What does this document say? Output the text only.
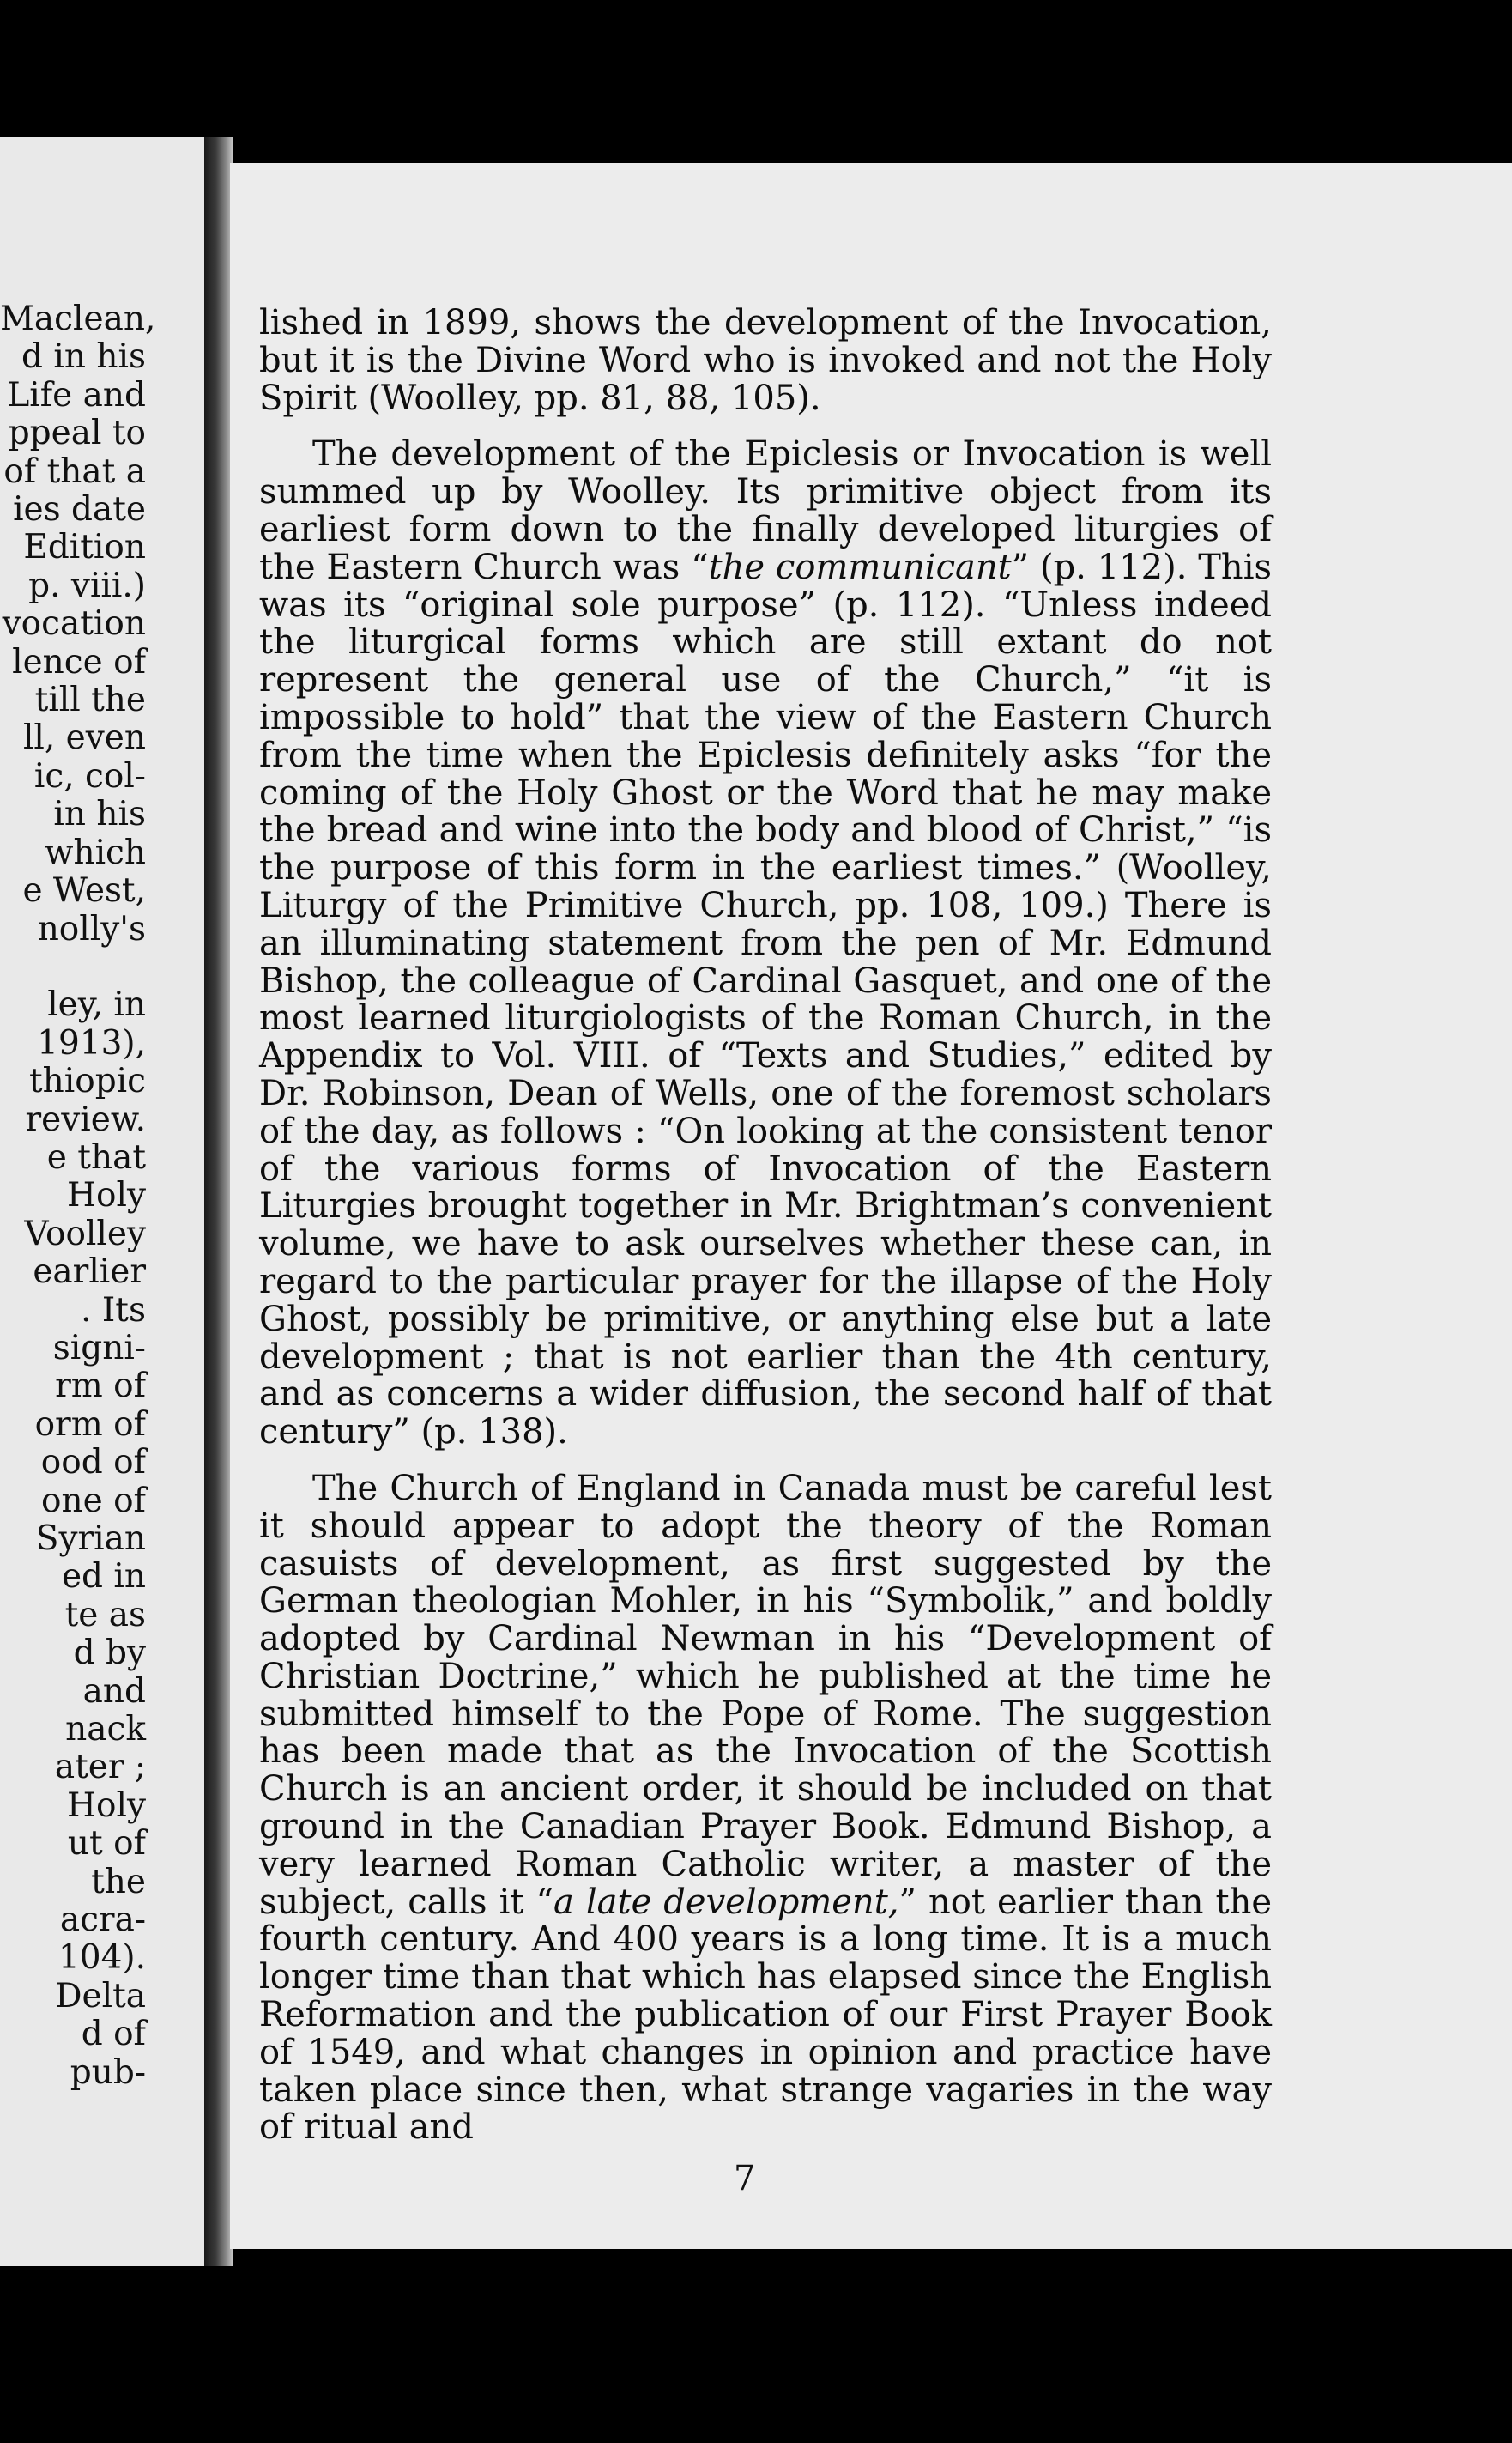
Maclean,
d in his
Life and
ppeal to
of that a
ies date
Edition
p. viii.)
vocation
lence of
till the
ll, even
ic, col-
in his
which
e West,
nolly's

ley, in
1913),
thiopic
review.
e that
Holy
Voolley
earlier
. Its
signi-
rm of
orm of
ood of
one of
Syrian
ed in
te as
d by
and
nack
ater ;
Holy
ut of
the
acra-
104).
Delta
d of
pub-

lished in 1899, shows the development of the Invocation, but it is the Divine Word who is invoked and not the Holy Spirit (Woolley, pp. 81, 88, 105).

The development of the Epiclesis or Invocation is well summed up by Woolley. Its primitive object from its earliest form down to the finally developed liturgies of the Eastern Church was “the communicant” (p. 112). This was its “original sole purpose” (p. 112). “Unless indeed the liturgical forms which are still extant do not represent the general use of the Church,” “it is impossible to hold” that the view of the Eastern Church from the time when the Epiclesis definitely asks “for the coming of the Holy Ghost or the Word that he may make the bread and wine into the body and blood of Christ,” “is the purpose of this form in the earliest times.” (Woolley, Liturgy of the Primitive Church, pp. 108, 109.) There is an illuminating statement from the pen of Mr. Edmund Bishop, the colleague of Cardinal Gasquet, and one of the most learned liturgiologists of the Roman Church, in the Appendix to Vol. VIII. of “Texts and Studies,” edited by Dr. Robinson, Dean of Wells, one of the foremost scholars of the day, as follows : “On looking at the consistent tenor of the various forms of Invocation of the Eastern Liturgies brought together in Mr. Brightman’s convenient volume, we have to ask ourselves whether these can, in regard to the particular prayer for the illapse of the Holy Ghost, possibly be primitive, or anything else but a late development ; that is not earlier than the 4th century, and as concerns a wider diffusion, the second half of that century” (p. 138).

The Church of England in Canada must be careful lest it should appear to adopt the theory of the Roman casuists of development, as first suggested by the German theologian Mohler, in his “Symbolik,” and boldly adopted by Cardinal Newman in his “Development of Christian Doctrine,” which he published at the time he submitted himself to the Pope of Rome. The suggestion has been made that as the Invocation of the Scottish Church is an ancient order, it should be included on that ground in the Canadian Prayer Book. Edmund Bishop, a very learned Roman Catholic writer, a master of the subject, calls it “a late development,” not earlier than the fourth century. And 400 years is a long time. It is a much longer time than that which has elapsed since the English Reformation and the publication of our First Prayer Book of 1549, and what changes in opinion and practice have taken place since then, what strange vagaries in the way of ritual and

7
